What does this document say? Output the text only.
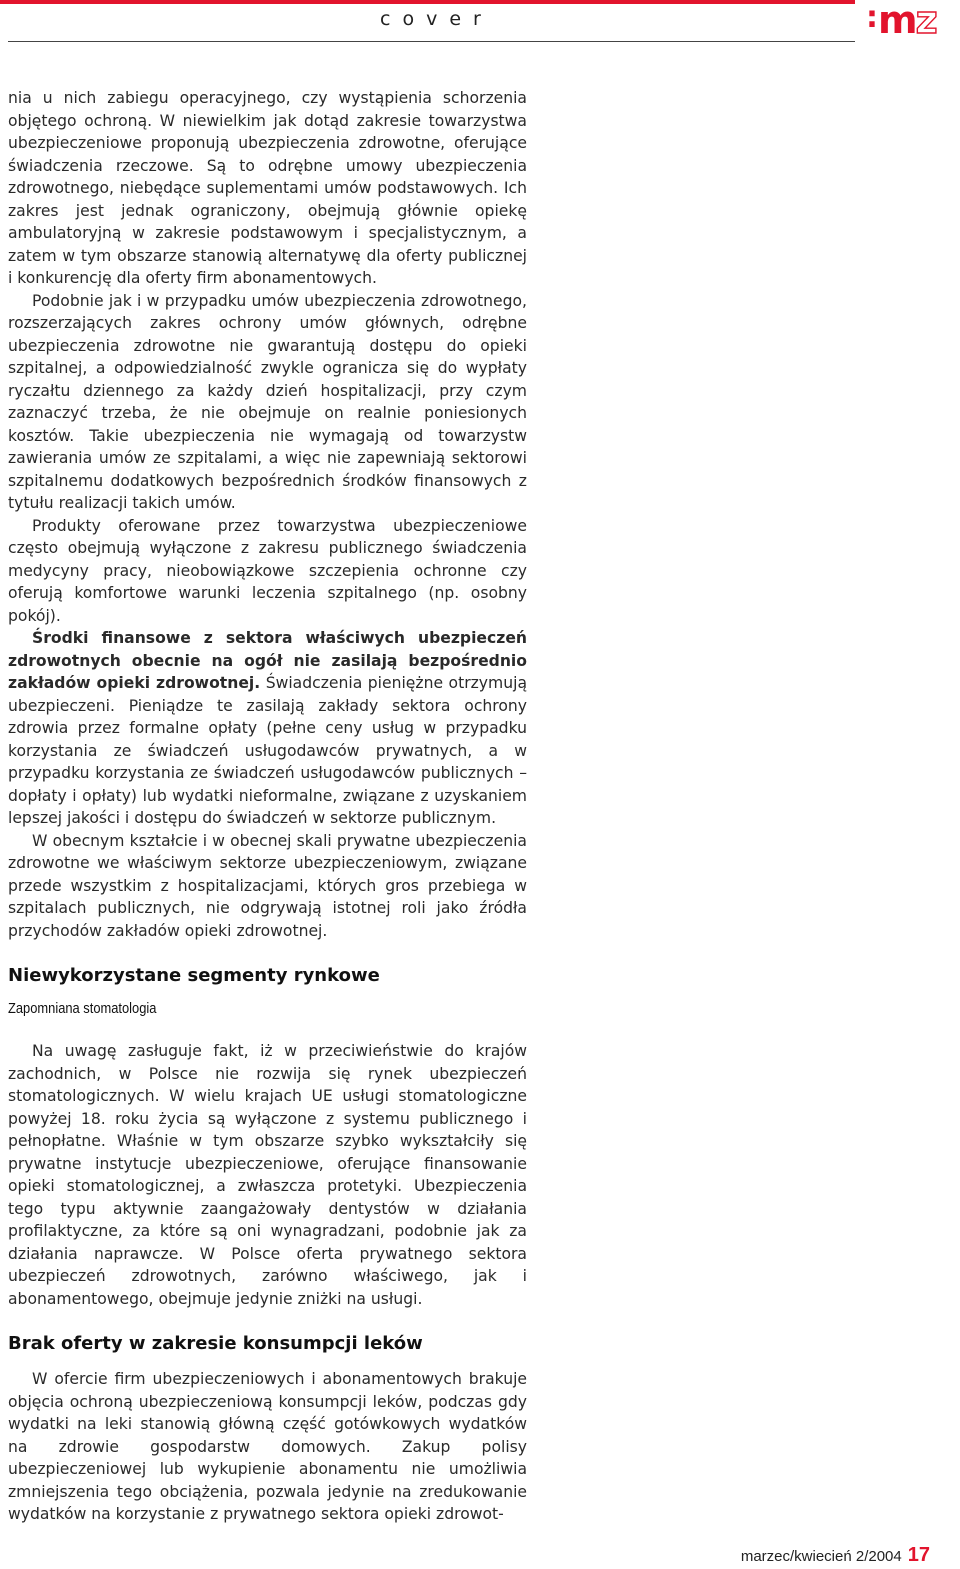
cover	:mz

nia u nich zabiegu operacyjnego, czy wystąpienia schorzenia objętego ochroną. W niewielkim jak dotąd zakresie towarzystwa ubezpieczeniowe proponują ubezpieczenia zdrowotne, oferujące świadczenia rzeczowe. Są to odrębne umowy ubezpieczenia zdrowotnego, niebędące suplementami umów podstawowych. Ich zakres jest jednak ograniczony, obejmują głównie opiekę ambulatoryjną w zakresie podstawowym i specjalistycznym, a zatem w tym obszarze stanowią alternatywę dla oferty publicznej i konkurencję dla oferty firm abonamentowych.

Podobnie jak i w przypadku umów ubezpieczenia zdrowotnego, rozszerzających zakres ochrony umów głównych, odrębne ubezpieczenia zdrowotne nie gwarantują dostępu do opieki szpitalnej, a odpowiedzialność zwykle ogranicza się do wypłaty ryczałtu dziennego za każdy dzień hospitalizacji, przy czym zaznaczyć trzeba, że nie obejmuje on realnie poniesionych kosztów. Takie ubezpieczenia nie wymagają od towarzystw zawierania umów ze szpitalami, a więc nie zapewniają sektorowi szpitalnemu dodatkowych bezpośrednich środków finansowych z tytułu realizacji takich umów.

Produkty oferowane przez towarzystwa ubezpieczeniowe często obejmują wyłączone z zakresu publicznego świadczenia medycyny pracy, nieobowiązkowe szczepienia ochronne czy oferują komfortowe warunki leczenia szpitalnego (np. osobny pokój).

Środki finansowe z sektora właściwych ubezpieczeń zdrowotnych obecnie na ogół nie zasilają bezpośrednio zakładów opieki zdrowotnej. Świadczenia pieniężne otrzymują ubezpieczeni. Pieniądze te zasilają zakłady sektora ochrony zdrowia przez formalne opłaty (pełne ceny usług w przypadku korzystania ze świadczeń usługodawców prywatnych, a w przypadku korzystania ze świadczeń usługodawców publicznych – dopłaty i opłaty) lub wydatki nieformalne, związane z uzyskaniem lepszej jakości i dostępu do świadczeń w sektorze publicznym.

W obecnym kształcie i w obecnej skali prywatne ubezpieczenia zdrowotne we właściwym sektorze ubezpieczeniowym, związane przede wszystkim z hospitalizacjami, których gros przebiega w szpitalach publicznych, nie odgrywają istotnej roli jako źródła przychodów zakładów opieki zdrowotnej.

Niewykorzystane segmenty rynkowe
Zapomniana stomatologia

Na uwagę zasługuje fakt, iż w przeciwieństwie do krajów zachodnich, w Polsce nie rozwija się rynek ubezpieczeń stomatologicznych. W wielu krajach UE usługi stomatologiczne powyżej 18. roku życia są wyłączone z systemu publicznego i pełnopłatne. Właśnie w tym obszarze szybko wykształciły się prywatne instytucje ubezpieczeniowe, oferujące finansowanie opieki stomatologicznej, a zwłaszcza protetyki. Ubezpieczenia tego typu aktywnie zaangażowały dentystów w działania profilaktyczne, za które są oni wynagradzani, podobnie jak za działania naprawcze. W Polsce oferta prywatnego sektora ubezpieczeń zdrowotnych, zarówno właściwego, jak i abonamentowego, obejmuje jedynie zniżki na usługi.

Brak oferty w zakresie konsumpcji leków

W ofercie firm ubezpieczeniowych i abonamentowych brakuje objęcia ochroną ubezpieczeniową konsumpcji leków, podczas gdy wydatki na leki stanowią główną część gotówkowych wydatków na zdrowie gospodarstw domowych. Zakup polisy ubezpieczeniowej lub wykupienie abonamentu nie umożliwia zmniejszenia tego obciążenia, pozwala jedynie na zredukowanie wydatków na korzystanie z prywatnego sektora opieki zdrowot-

marzec/kwiecień 2/2004 17
